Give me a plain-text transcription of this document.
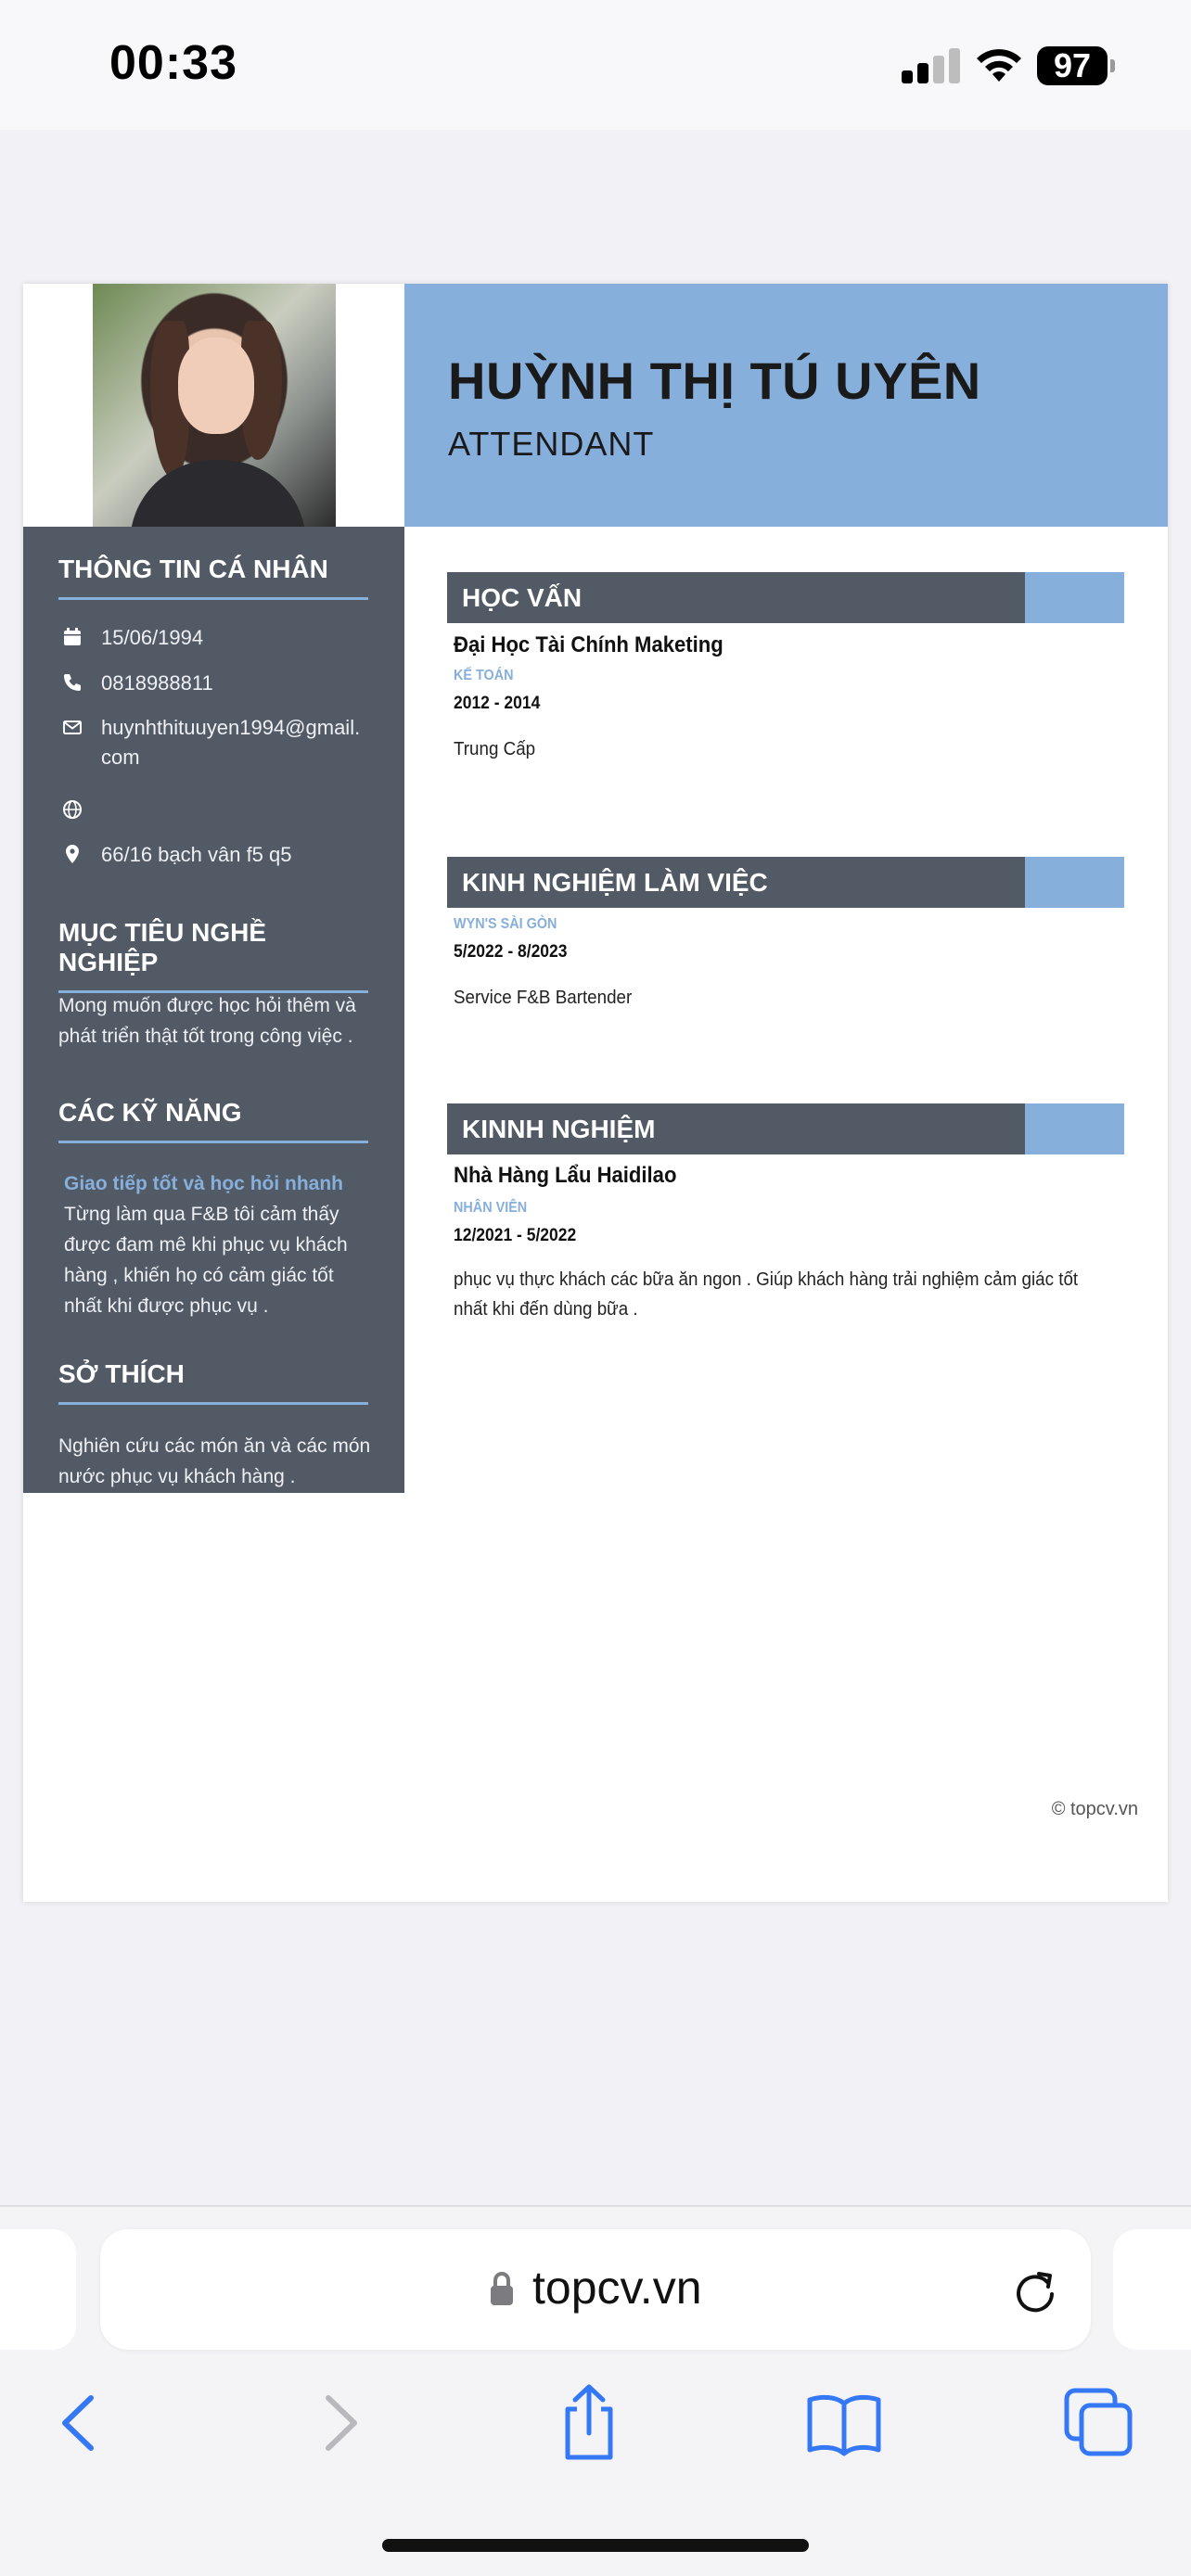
00:33	97
HUỲNH THỊ TÚ UYÊN
ATTENDANT
THÔNG TIN CÁ NHÂN
15/06/1994
0818988811
huynhthituuyen1994@gmail.com
66/16 bạch vân f5 q5
MỤC TIÊU NGHỀ NGHIỆP
Mong muốn được học hỏi thêm và phát triển thật tốt trong công việc .
CÁC KỸ NĂNG
Giao tiếp tốt và học hỏi nhanh
Từng làm qua F&B tôi cảm thấy được đam mê khi phục vụ khách hàng , khiến họ có cảm giác tốt nhất khi được phục vụ .
SỞ THÍCH
Nghiên cứu các món ăn và các món nước phục vụ khách hàng .
HỌC VẤN
Đại Học Tài Chính Maketing
KẾ TOÁN
2012 - 2014
Trung Cấp
KINH NGHIỆM LÀM VIỆC
WYN'S SÀI GÒN
5/2022 - 8/2023
Service F&B Bartender
KINNH NGHIỆM
Nhà Hàng Lẩu Haidilao
NHÂN VIÊN
12/2021 - 5/2022
phục vụ thực khách các bữa ăn ngon . Giúp khách hàng trải nghiệm cảm giác tốt nhất khi đến dùng bữa .
© topcv.vn
topcv.vn
